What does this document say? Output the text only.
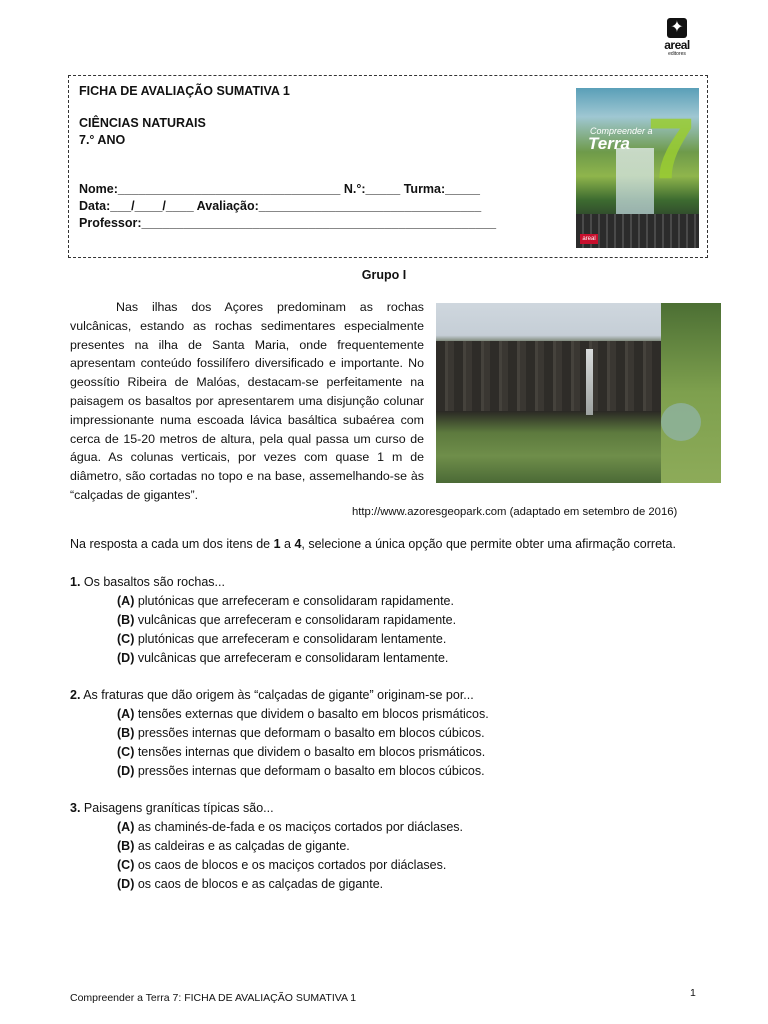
✦
areal
editores
FICHA DE AVALIAÇÃO SUMATIVA 1
CIÊNCIAS NATURAIS
7.° ANO
Nome:________________________________ N.°:_____ Turma:_____
Data:___/____/____ Avaliação:________________________________
Professor:___________________________________________________
7
Compreender a
Terra
areal
Grupo I
Nas ilhas dos Açores predominam as rochas vulcânicas, estando as rochas sedimentares especialmente presentes na ilha de Santa Maria, onde frequentemente apresentam conteúdo fossilífero diversificado e importante. No geossítio Ribeira de Malóas, destacam-se perfeitamente na paisagem os basaltos por apresentarem uma disjunção colunar impressionante numa escoada lávica basáltica subaérea com cerca de 15-20 metros de altura, pela qual passa um curso de água. As colunas verticais, por vezes com quase 1 m de diâmetro, são cortadas no topo e na base, assemelhando-se às “calçadas de gigantes”.
http://www.azoresgeopark.com (adaptado em setembro de 2016)
Na resposta a cada um dos itens de 1 a 4, selecione a única opção que permite obter uma afirmação correta.
1. Os basaltos são rochas...
(A) plutónicas que arrefeceram e consolidaram rapidamente.
(B) vulcânicas que arrefeceram e consolidaram rapidamente.
(C) plutónicas que arrefeceram e consolidaram lentamente.
(D) vulcânicas que arrefeceram e consolidaram lentamente.
2. As fraturas que dão origem às “calçadas de gigante” originam-se por...
(A) tensões externas que dividem o basalto em blocos prismáticos.
(B) pressões internas que deformam o basalto em blocos cúbicos.
(C) tensões internas que dividem o basalto em blocos prismáticos.
(D) pressões internas que deformam o basalto em blocos cúbicos.
3. Paisagens graníticas típicas são...
(A) as chaminés-de-fada e os maciços cortados por diáclases.
(B) as caldeiras e as calçadas de gigante.
(C) os caos de blocos e os maciços cortados por diáclases.
(D) os caos de blocos e as calçadas de gigante.
Compreender a Terra 7: FICHA DE AVALIAÇÃO SUMATIVA 1	1
